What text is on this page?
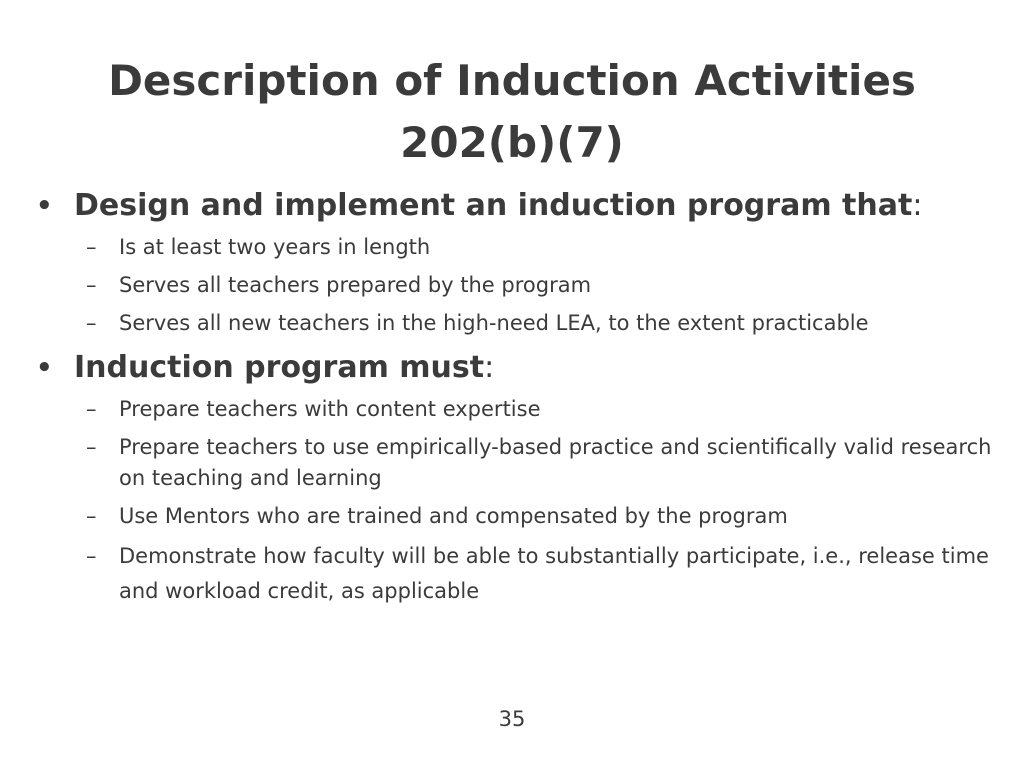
Description of Induction Activities
202(b)(7)
• Design and implement an induction program that:
– Is at least two years in length
– Serves all teachers prepared by the program
– Serves all new teachers in the high-need LEA, to the extent practicable
• Induction program must:
– Prepare teachers with content expertise
– Prepare teachers to use empirically-based practice and scientifically valid research on teaching and learning
– Use Mentors who are trained and compensated by the program
– Demonstrate how faculty will be able to substantially participate, i.e., release time and workload credit, as applicable
35
